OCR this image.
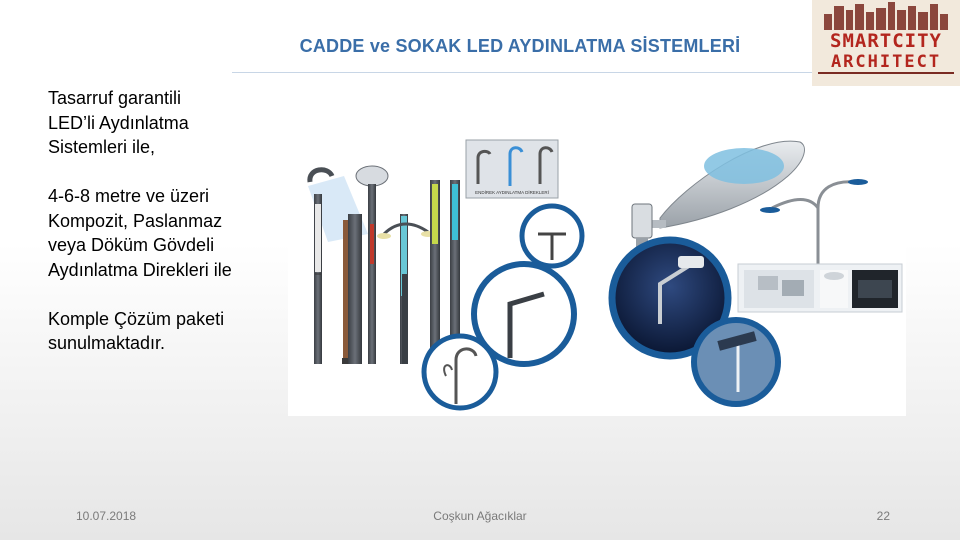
CADDE ve SOKAK LED AYDINLATMA SİSTEMLERİ	SMARTCITY
ARCHITECT

Tasarruf garantili
LED’li Aydınlatma
Sistemleri ile,

4-6-8 metre ve üzeri
Kompozit, Paslanmaz
veya Döküm Gövdeli
Aydınlatma Direkleri ile

Komple Çözüm paketi
sunulmaktadır.

ENDİREK AYDINLATMA DİREKLERİ
10.07.2018	Coşkun Ağacıklar	22
